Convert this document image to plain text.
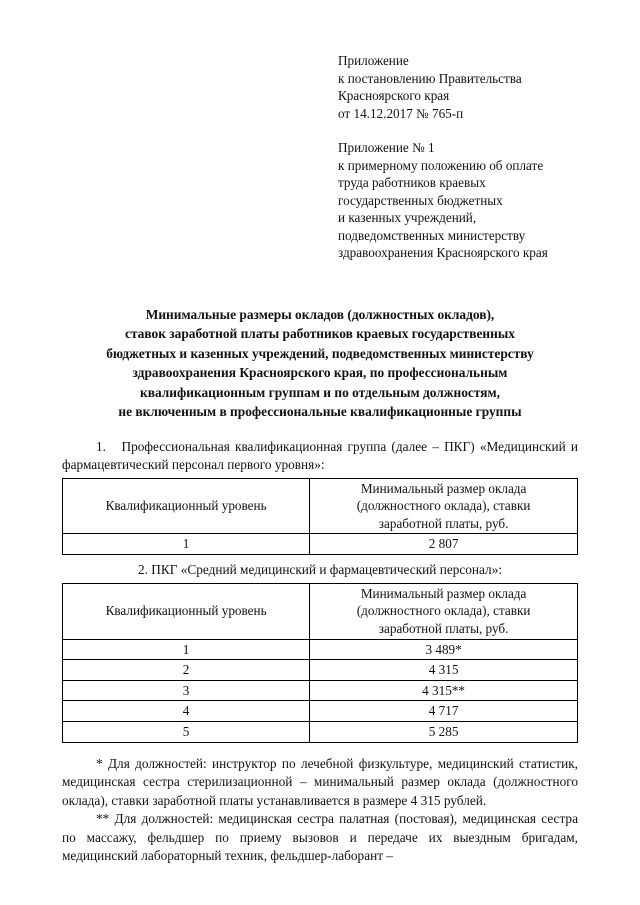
Приложение
к постановлению Правительства
Красноярского края
от 14.12.2017 № 765-п
Приложение № 1
к примерному положению об оплате
труда работников краевых
государственных бюджетных
и казенных учреждений,
подведомственных министерству
здравоохранения Красноярского края
Минимальные размеры окладов (должностных окладов),
ставок заработной платы работников краевых государственных
бюджетных и казенных учреждений, подведомственных министерству
здравоохранения Красноярского края, по профессиональным
квалификационным группам и по отдельным должностям,
не включенным в профессиональные квалификационные группы
1. Профессиональная квалификационная группа (далее – ПКГ) «Медицинский и фармацевтический персонал первого уровня»:
Квалификационный уровень	Минимальный размер оклада
(должностного оклада), ставки
заработной платы, руб.

1	2 807
2. ПКГ «Средний медицинский и фармацевтический персонал»:
Квалификационный уровень	Минимальный размер оклада
(должностного оклада), ставки
заработной платы, руб.

1	3 489*
2	4 315
3	4 315**
4	4 717
5	5 285
* Для должностей: инструктор по лечебной физкультуре, медицинский статистик, медицинская сестра стерилизационной – минимальный размер оклада (должностного оклада), ставки заработной платы устанавливается в размере 4 315 рублей.
** Для должностей: медицинская сестра палатная (постовая), медицинская сестра по массажу, фельдшер по приему вызовов и передаче их выездным бригадам, медицинский лабораторный техник, фельдшер-лаборант –
